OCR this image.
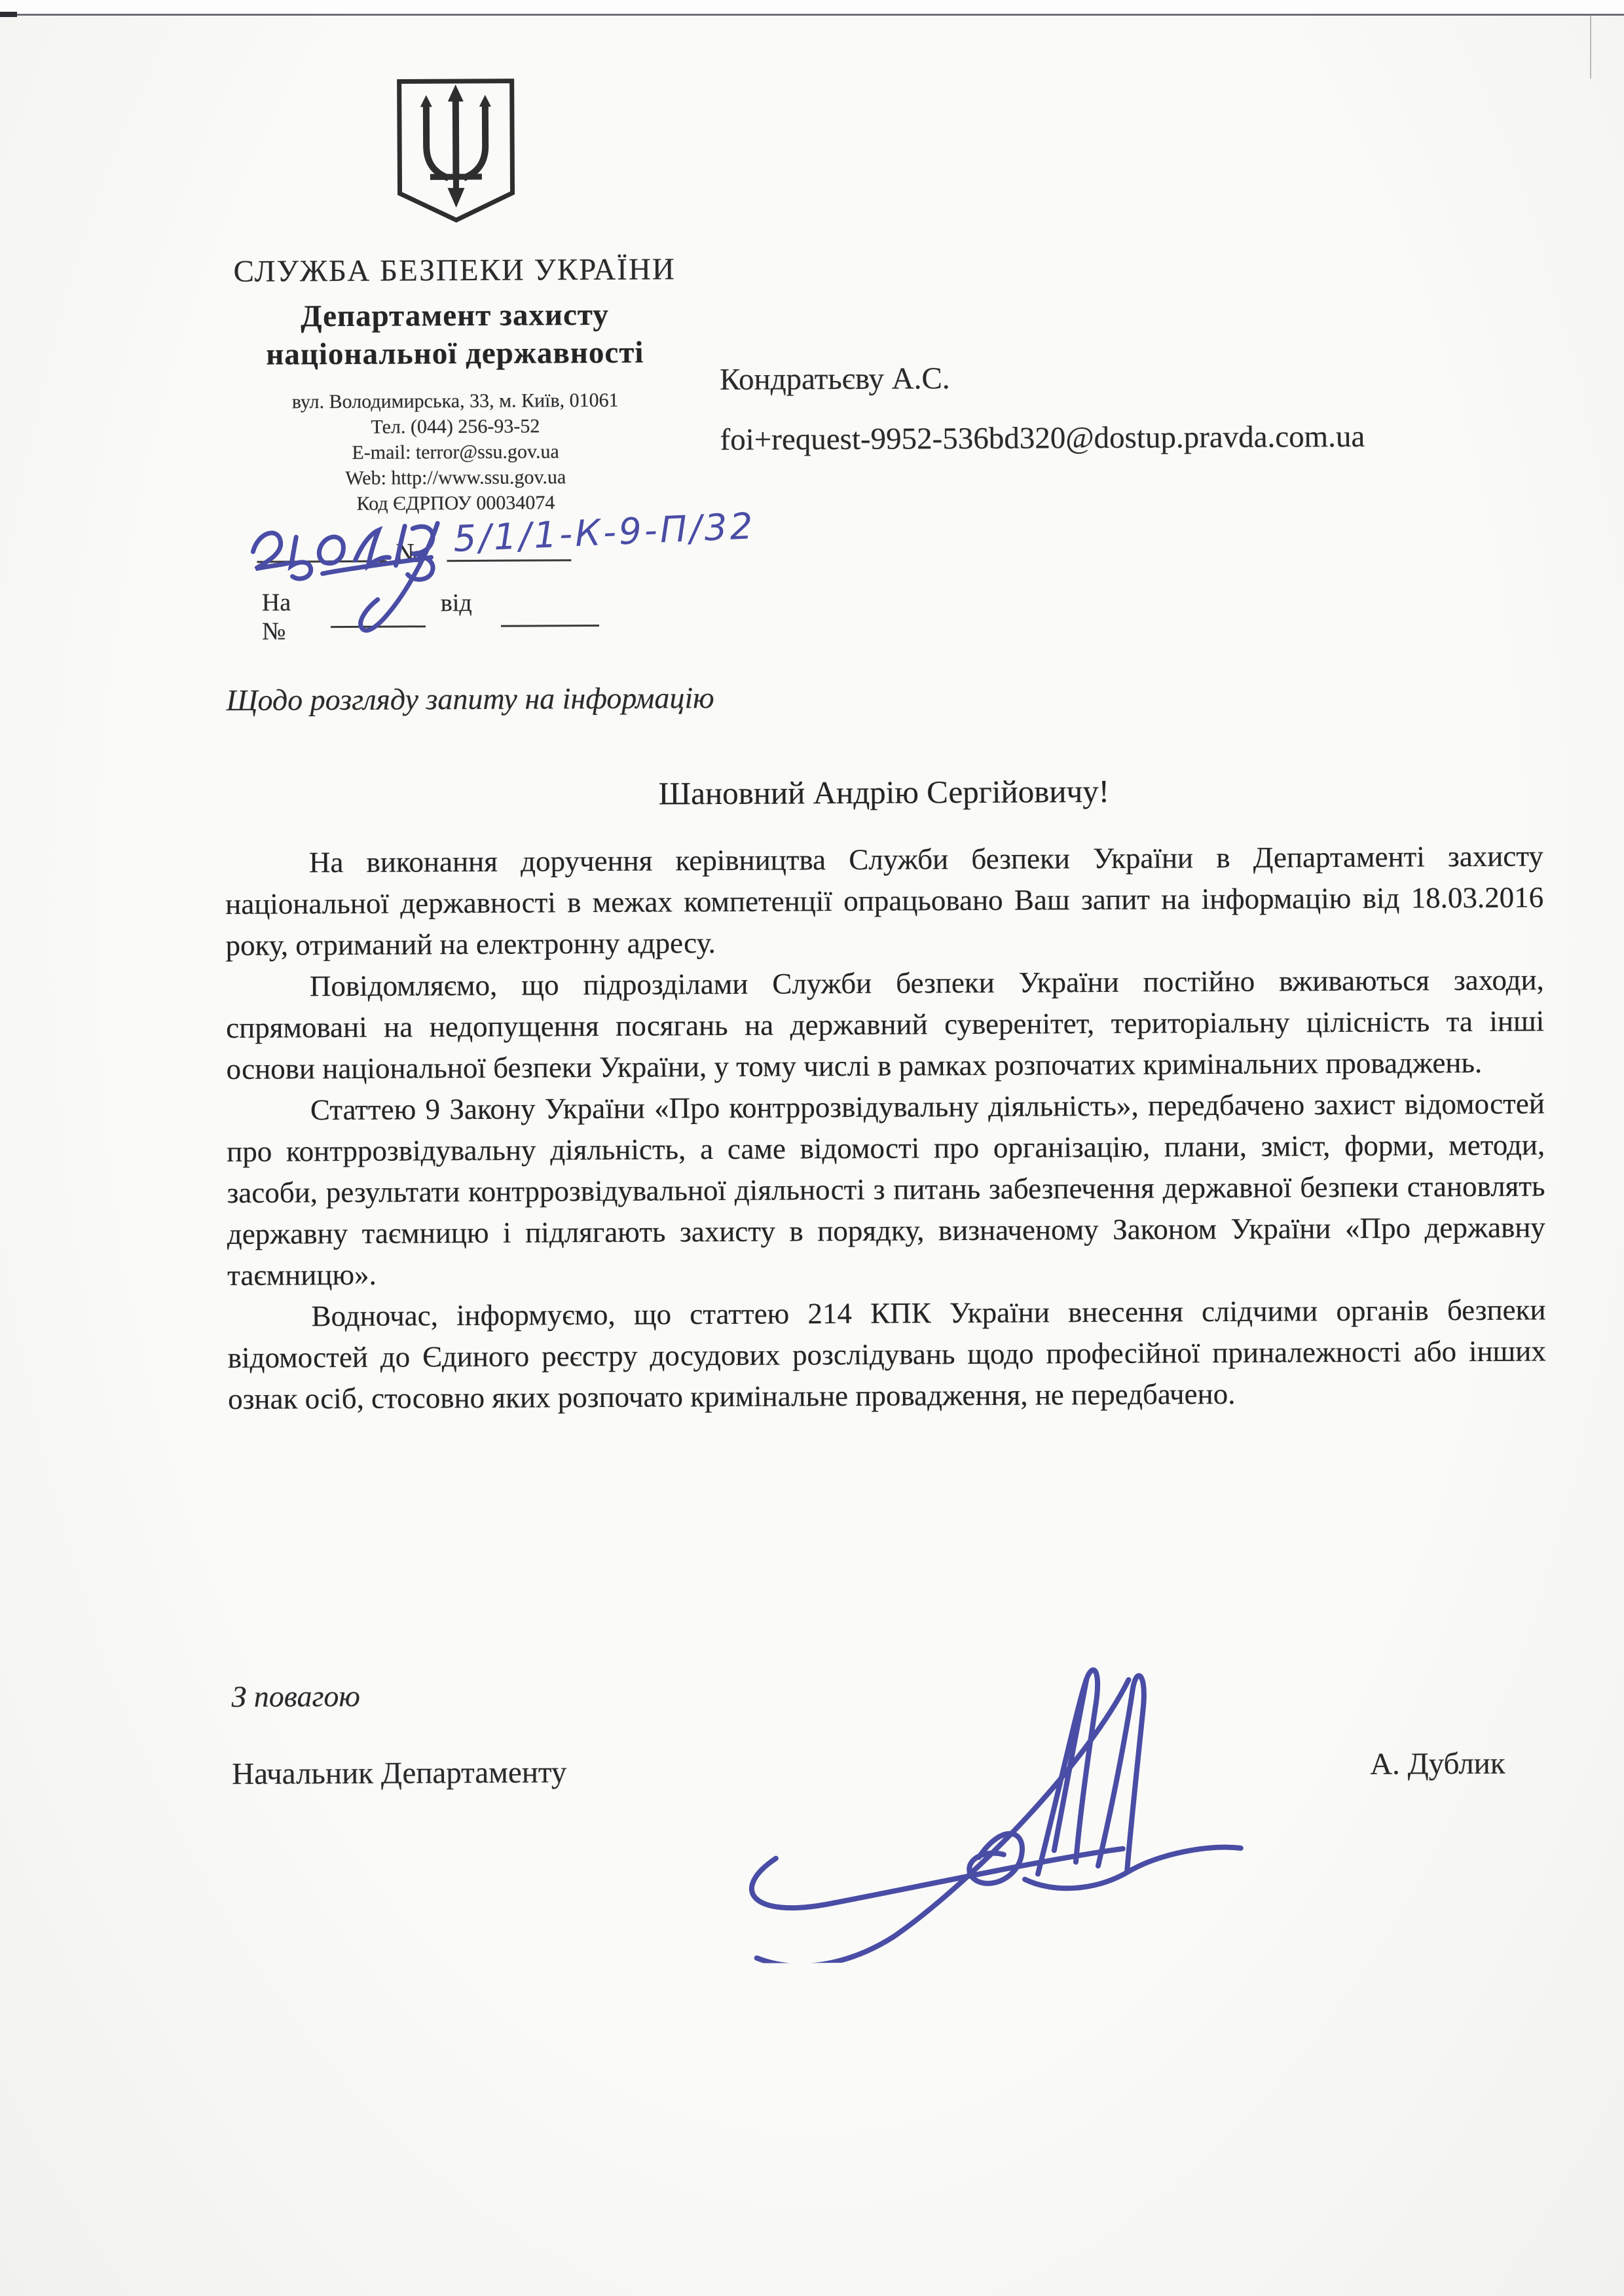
СЛУЖБА БЕЗПЕКИ УКРАЇНИ
Департамент захисту
національної державності
вул. Володимирська, 33, м. Київ, 01061
Тел. (044) 256-93-52
E-mail: terror@ssu.gov.ua
Web: http://www.ssu.gov.ua
Код ЄДРПОУ 00034074
№
На №
від
5/1/1-К-9-П/32
Кондратьєву А.С.
foi+request-9952-536bd320@dostup.pravda.com.ua
Щодо розгляду запиту на інформацію
Шановний Андрію Сергійовичу!

На виконання доручення керівництва Служби безпеки України в Департаменті захисту національної державності в межах компетенції опрацьовано Ваш запит на інформацію від 18.03.2016 року, отриманий на електронну адресу.

Повідомляємо, що підрозділами Служби безпеки України постійно вживаються заходи, спрямовані на недопущення посягань на державний суверенітет, територіальну цілісність та інші основи національної безпеки України, у тому числі в рамках розпочатих кримінальних проваджень.

Статтею 9 Закону України «Про контррозвідувальну діяльність», передбачено захист відомостей про контррозвідувальну діяльність, а саме відомості про організацію, плани, зміст, форми, методи, засоби, результати контррозвідувальної діяльності з питань забезпечення державної безпеки становлять державну таємницю і підлягають захисту в порядку, визначеному Законом України «Про державну таємницю».

Водночас, інформуємо, що статтею 214 КПК України внесення слідчими органів безпеки відомостей до Єдиного реєстру досудових розслідувань щодо професійної приналежності або інших ознак осіб, стосовно яких розпочато кримінальне провадження, не передбачено.

З повагою
Начальник Департаменту	А. Дублик
